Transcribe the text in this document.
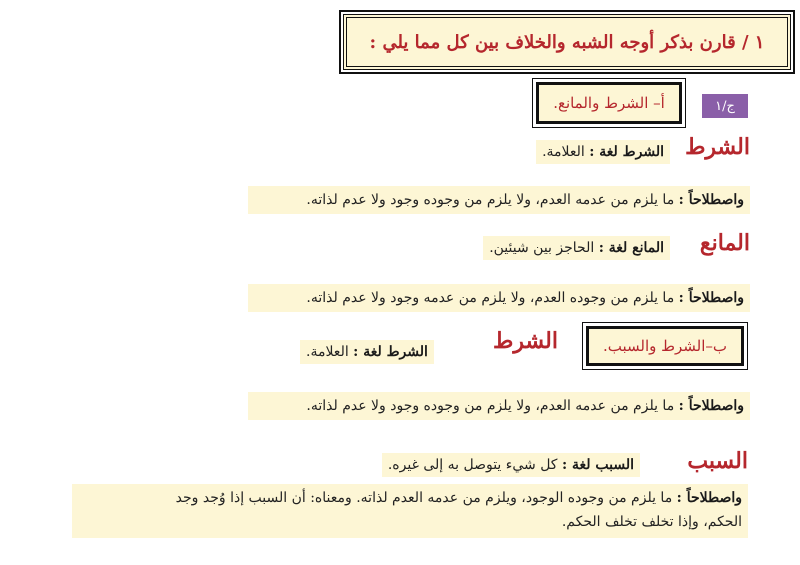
١ / قارن بذكر أوجه الشبه والخلاف بين كل مما يلي :
ج/١
أ– الشرط والمانع.
الشرط
الشرط لغة : العلامة.
واصطلاحاً : ما يلزم من عدمه العدم، ولا يلزم من وجوده وجود ولا عدم لذاته.
المانع
المانع لغة : الحاجز بين شيئين.
واصطلاحاً : ما يلزم من وجوده العدم، ولا يلزم من عدمه وجود ولا عدم لذاته.
ب–الشرط والسبب.
الشرط
الشرط لغة : العلامة.
واصطلاحاً : ما يلزم من عدمه العدم، ولا يلزم من وجوده وجود ولا عدم لذاته.
السبب
السبب لغة : كل شيء يتوصل به إلى غيره.
واصطلاحاً : ما يلزم من وجوده الوجود، ويلزم من عدمه العدم لذاته. ومعناه: أن السبب إذا وُجد وجد
الحكم، وإذا تخلف تخلف الحكم.
